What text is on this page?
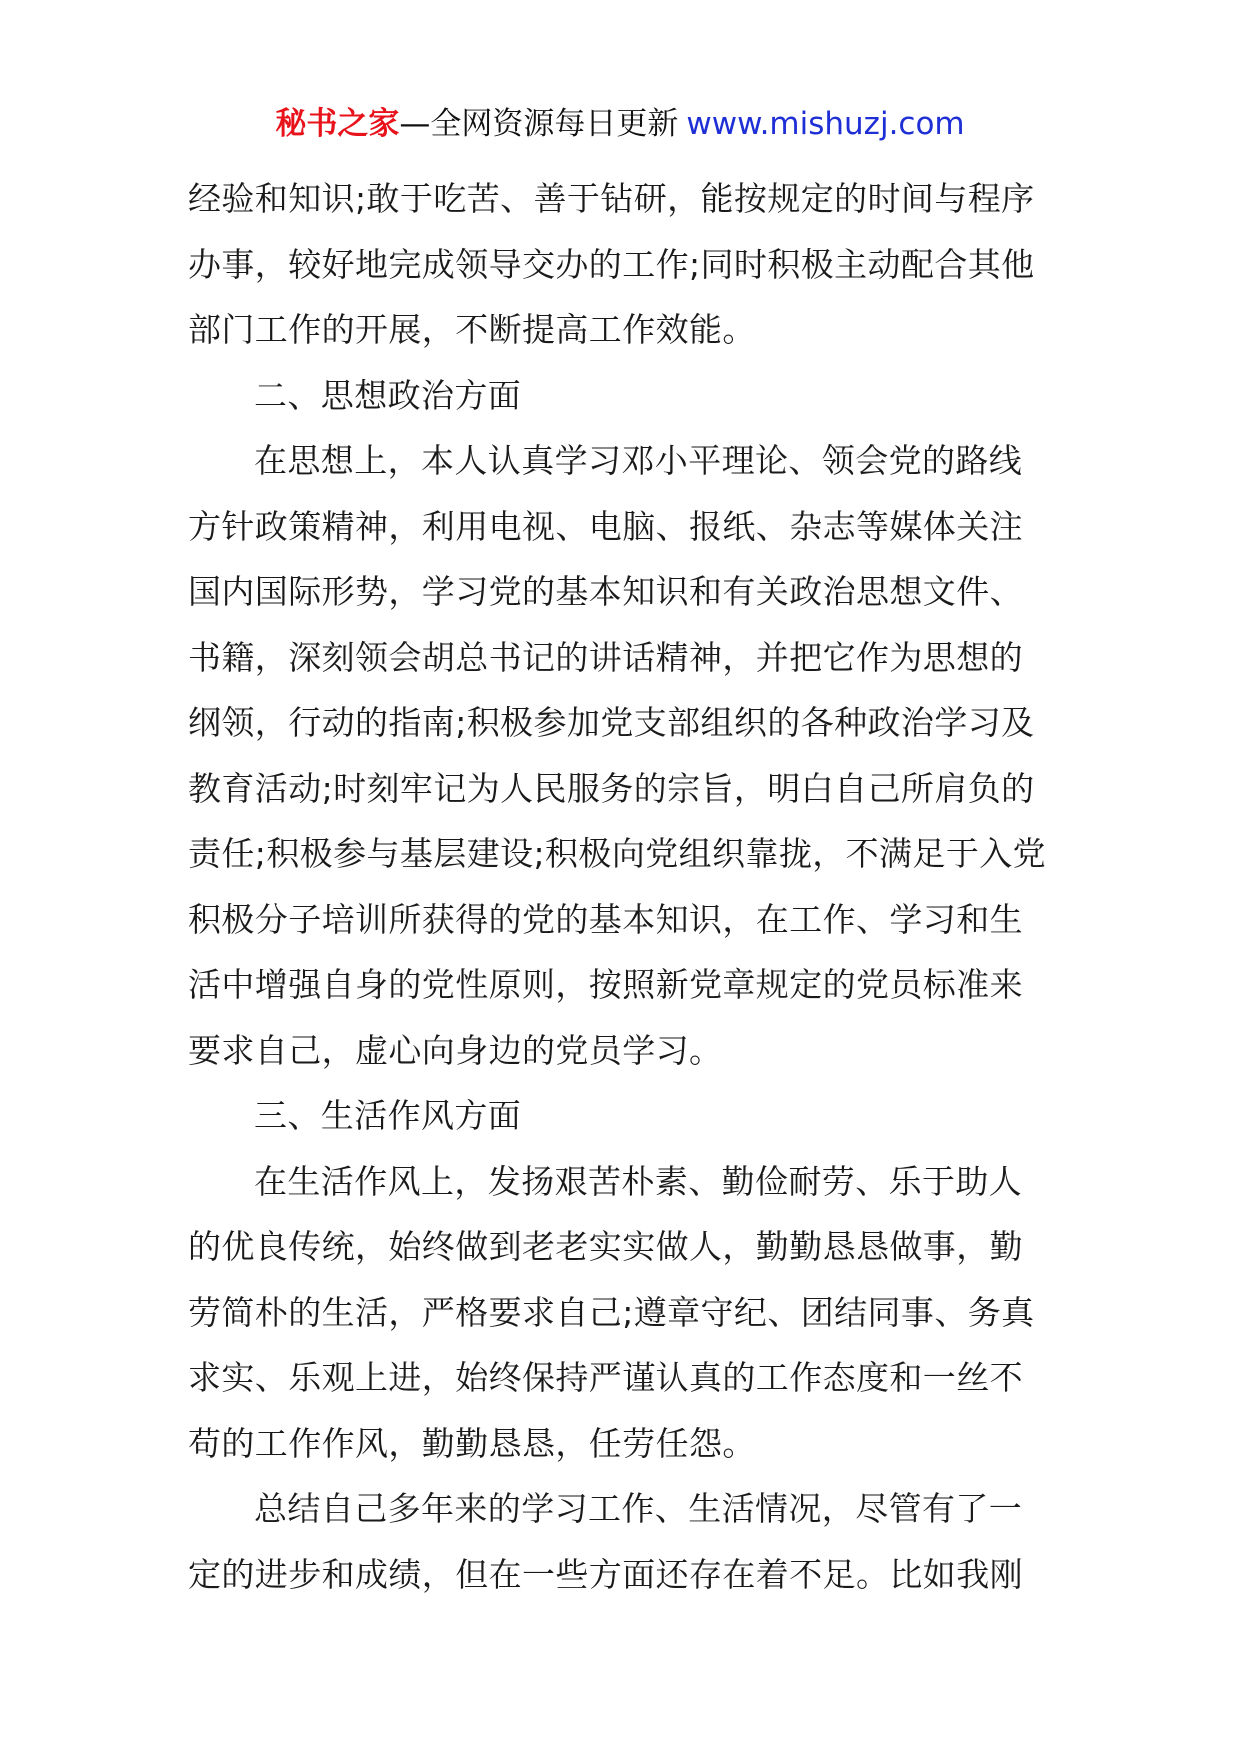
秘书之家—全网资源每日更新 www.mishuzj.com
经验和知识;敢于吃苦、善于钻研，能按规定的时间与程序
办事，较好地完成领导交办的工作;同时积极主动配合其他
部门工作的开展，不断提高工作效能。
二、思想政治方面
在思想上，本人认真学习邓小平理论、领会党的路线
方针政策精神，利用电视、电脑、报纸、杂志等媒体关注
国内国际形势，学习党的基本知识和有关政治思想文件、
书籍，深刻领会胡总书记的讲话精神，并把它作为思想的
纲领，行动的指南;积极参加党支部组织的各种政治学习及
教育活动;时刻牢记为人民服务的宗旨，明白自己所肩负的
责任;积极参与基层建设;积极向党组织靠拢，不满足于入党
积极分子培训所获得的党的基本知识，在工作、学习和生
活中增强自身的党性原则，按照新党章规定的党员标准来
要求自己，虚心向身边的党员学习。
三、生活作风方面
在生活作风上，发扬艰苦朴素、勤俭耐劳、乐于助人
的优良传统，始终做到老老实实做人，勤勤恳恳做事，勤
劳简朴的生活，严格要求自己;遵章守纪、团结同事、务真
求实、乐观上进，始终保持严谨认真的工作态度和一丝不
苟的工作作风，勤勤恳恳，任劳任怨。
总结自己多年来的学习工作、生活情况，尽管有了一
定的进步和成绩，但在一些方面还存在着不足。比如我刚
